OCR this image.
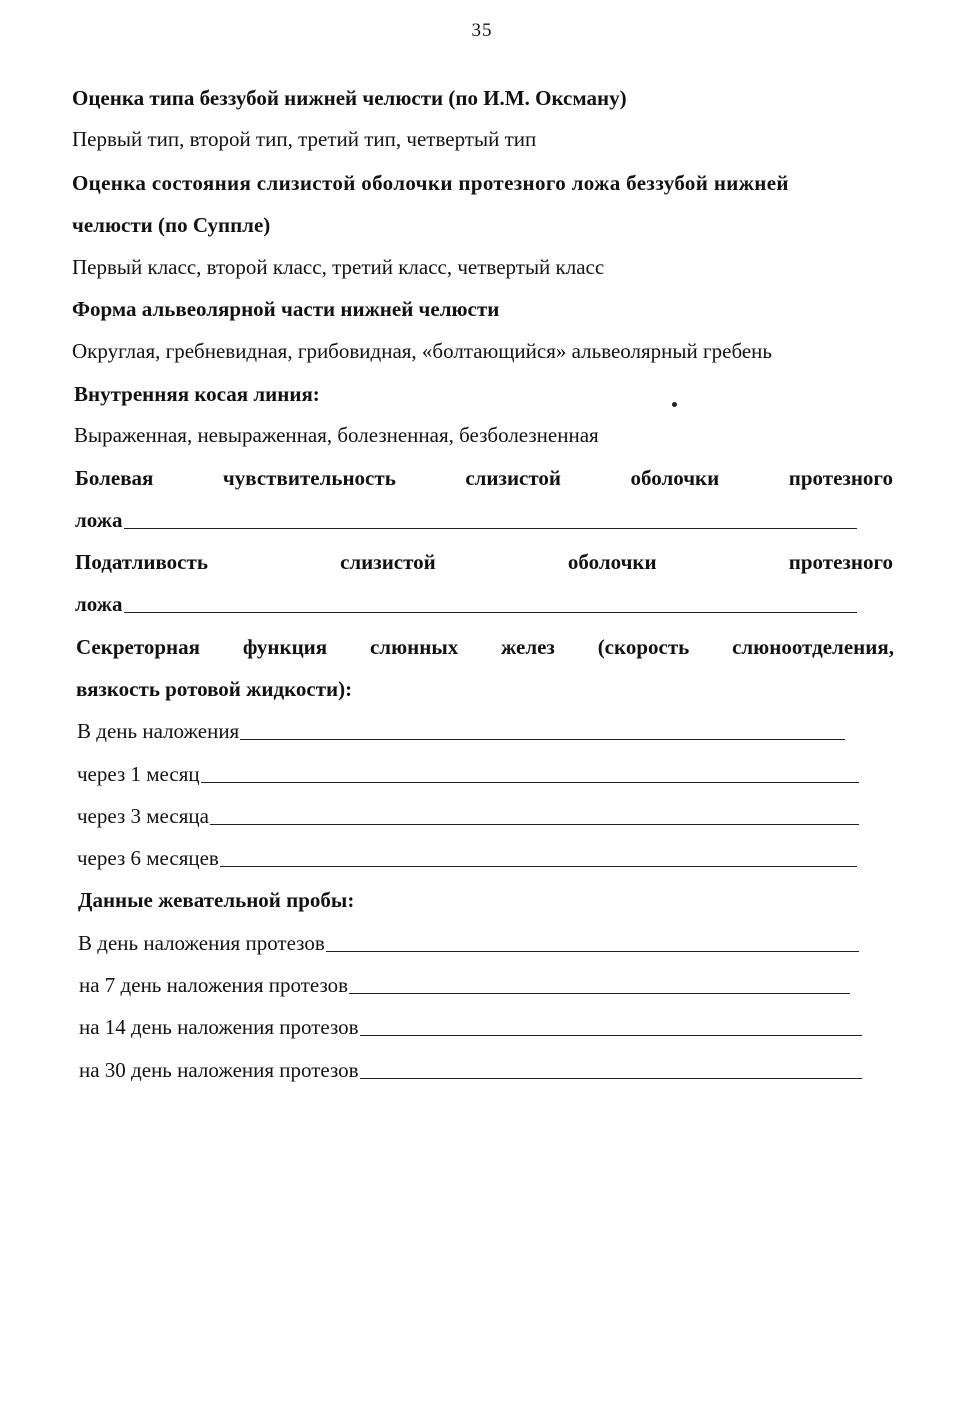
35
Оценка типа беззубой нижней челюсти (по И.М. Оксману)
Первый тип, второй тип, третий тип, четвертый тип
Оценка состояния слизистой оболочки протезного ложа беззубой нижней
челюсти (по Суппле)
Первый класс, второй класс, третий класс, четвертый класс
Форма альвеолярной части нижней челюсти
Округлая, гребневидная, грибовидная, «болтающийся» альвеолярный гребень
Внутренняя косая линия:
Выраженная, невыраженная, болезненная, безболезненная
Болевая	чувствительность	слизистой	оболочки	протезного
ложа
Податливость	слизистой	оболочки	протезного
ложа
Секреторная функция слюнных желез (скорость слюноотделения,
вязкость ротовой жидкости):
В день наложения
через 1 месяц
через 3 месяца
через 6 месяцев
Данные жевательной пробы:
В день наложения протезов
на 7 день наложения протезов
на 14 день наложения протезов
на 30 день наложения протезов
